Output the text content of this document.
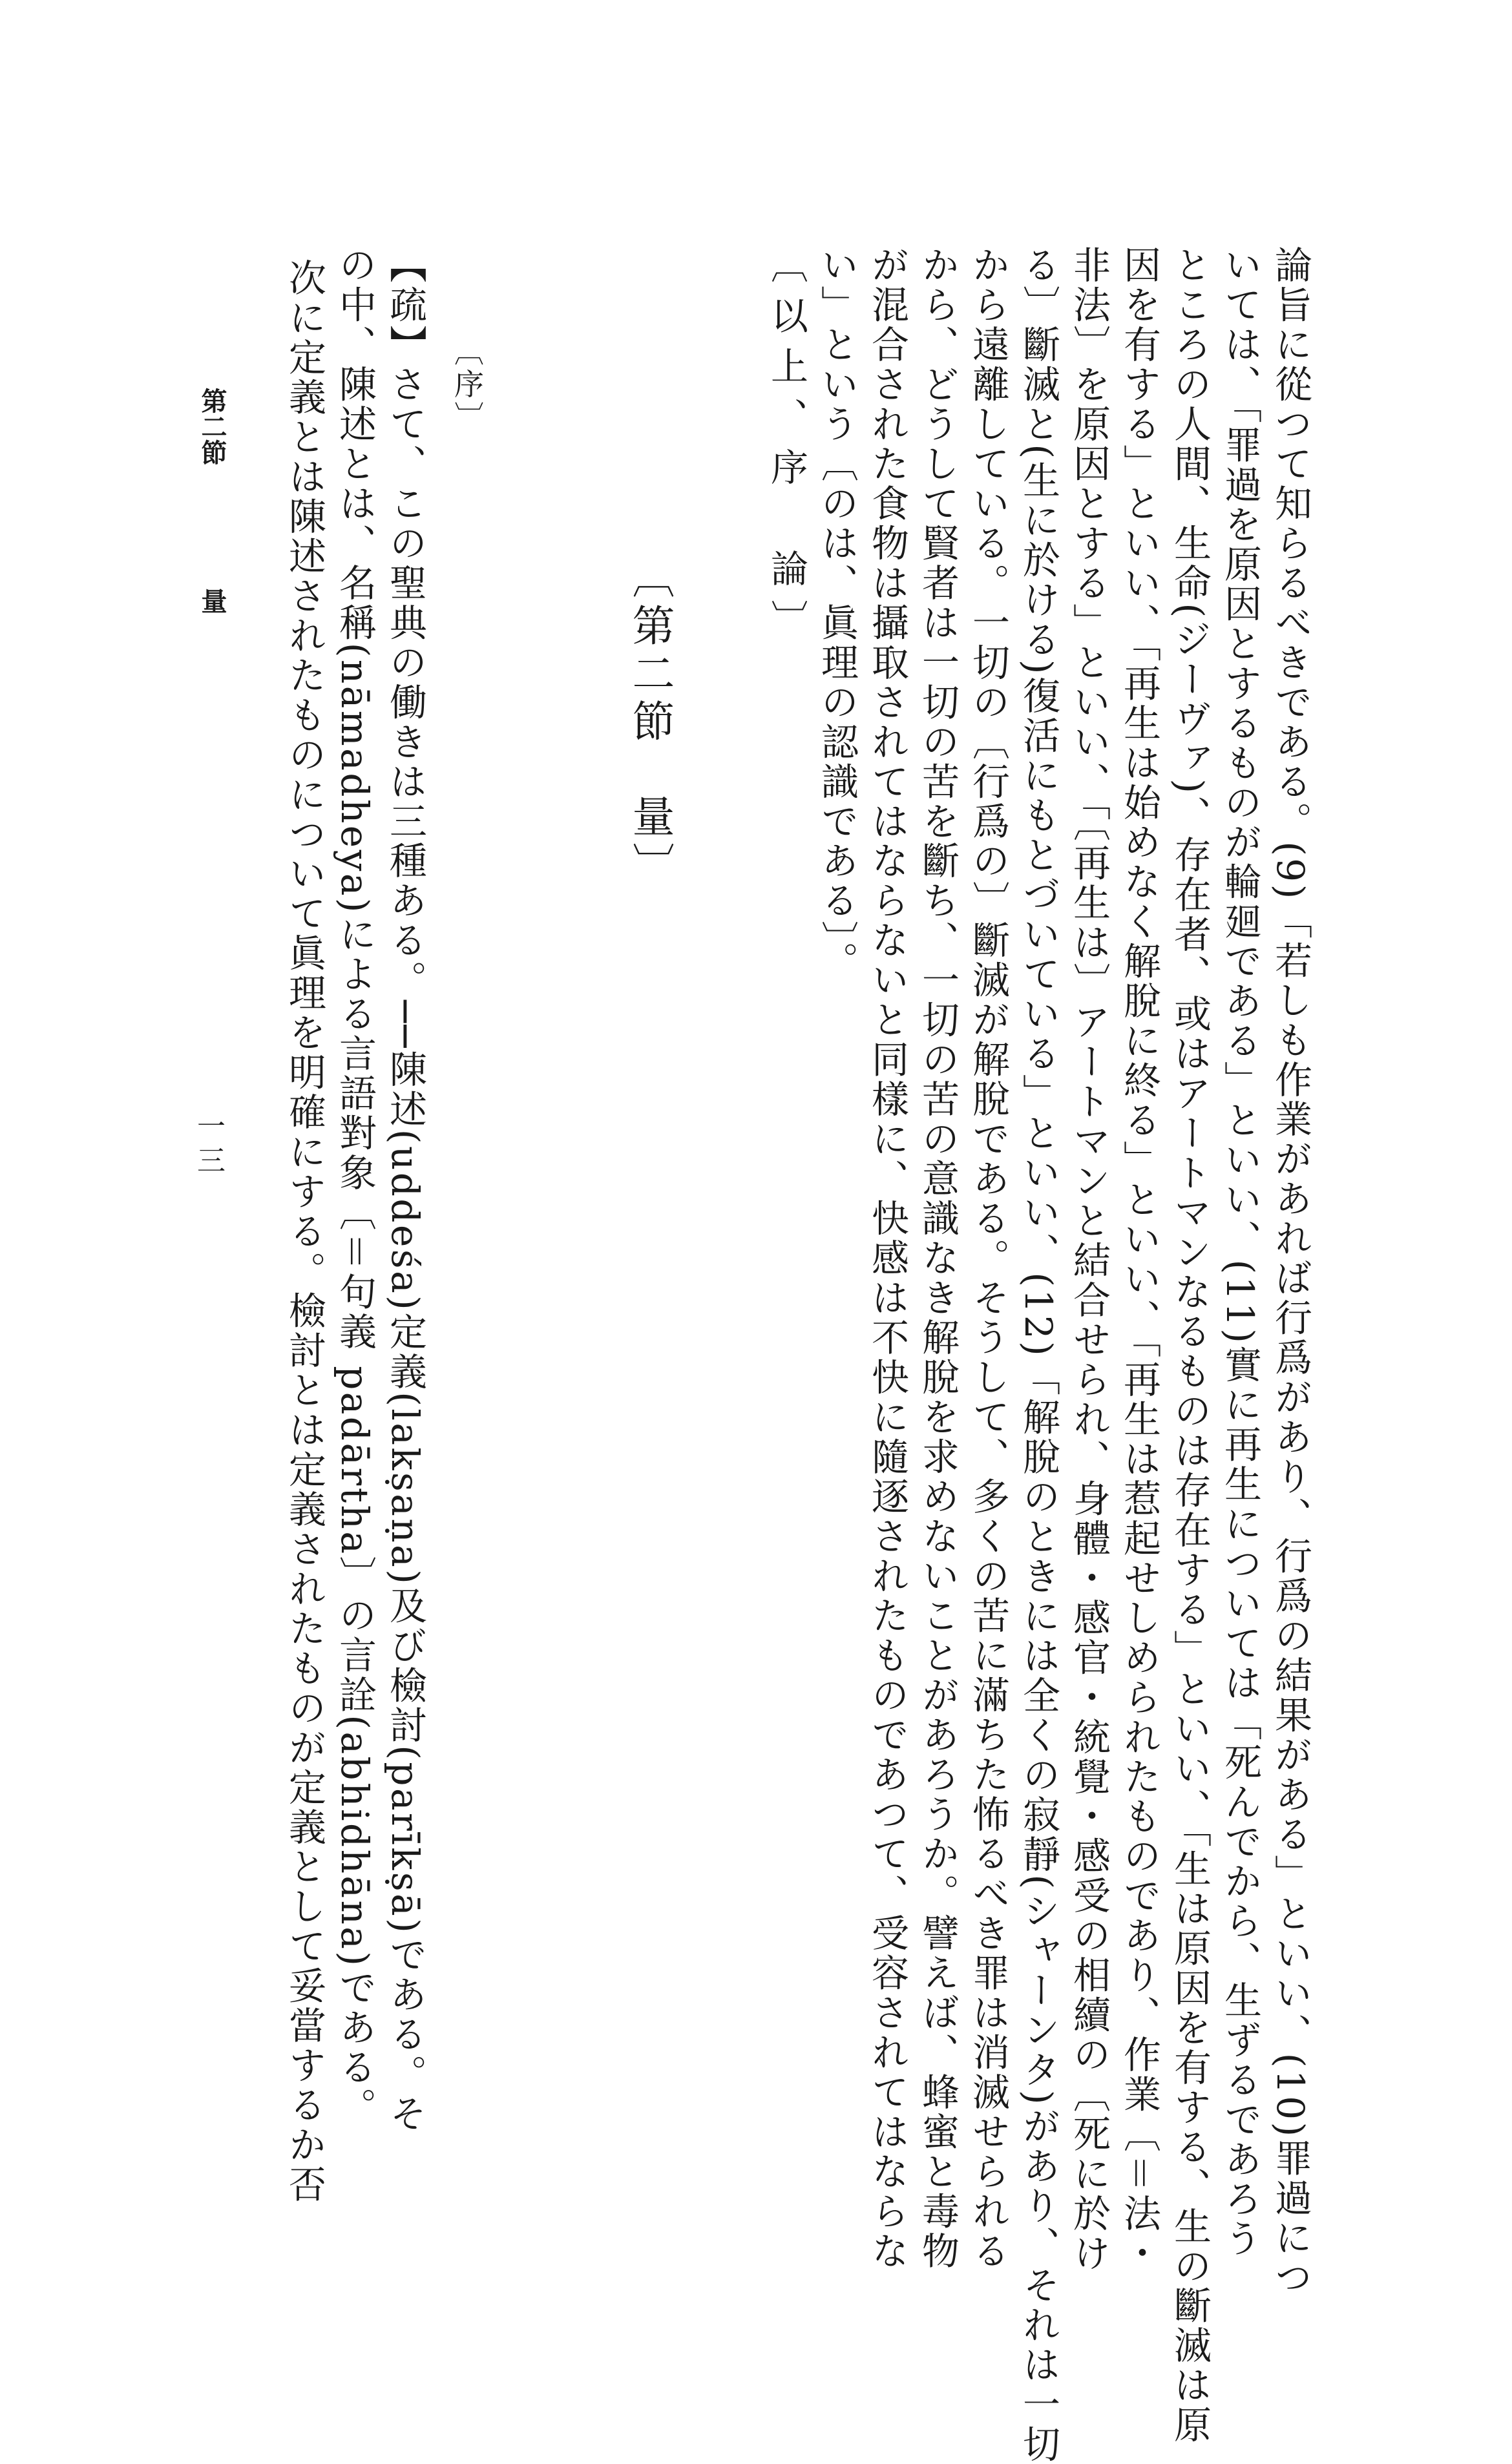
論旨に從つて知らるべきである。(9)「若しも作業があれば行爲があり、行爲の結果がある」といい、(10)罪過につ
いては、「罪過を原因とするものが輪廻である」といい、(11)實に再生については「死んでから、生ずるであろう
ところの人間、生命(ジーヴァ)、存在者、或はアートマンなるものは存在する」といい、「生は原因を有する、生の斷滅は原
因を有する」といい、「再生は始めなく解脫に終る」といい、「再生は惹起せしめられたものであり、作業〔＝法・
非法〕を原因とする」といい、「〔再生は〕アートマンと結合せられ、身體・感官・統覺・感受の相續の〔死に於け
る〕斷滅と(生に於ける)復活にもとづいている」といい、(12)「解脫のときには全くの寂靜(シャーンタ)があり、それは一切
から遠離している。一切の〔行爲の〕斷滅が解脫である。そうして、多くの苦に滿ちた怖るべき罪は消滅せられる
から、どうして賢者は一切の苦を斷ち、一切の苦の意識なき解脫を求めないことがあろうか。譬えば、蜂蜜と毒物
が混合された食物は攝取されてはならないと同樣に、快感は不快に隨逐されたものであつて、受容されてはならな
い」という〔のは、眞理の認識である〕。
〔以上、序　論〕
〔第二節　量〕
〔序〕
【疏】さて、この聖典の働きは三種ある。──陳述(uddeśa)定義(lakṣaṇa)及び檢討(parīkṣā)である。そ
の中、陳述とは、名稱(nāmadheya)による言語對象〔＝句義 padārtha〕の言詮(abhidhāna)である。
次に定義とは陳述されたものについて眞理を明確にする。檢討とは定義されたものが定義として妥當するか否
第二節
量
一三
